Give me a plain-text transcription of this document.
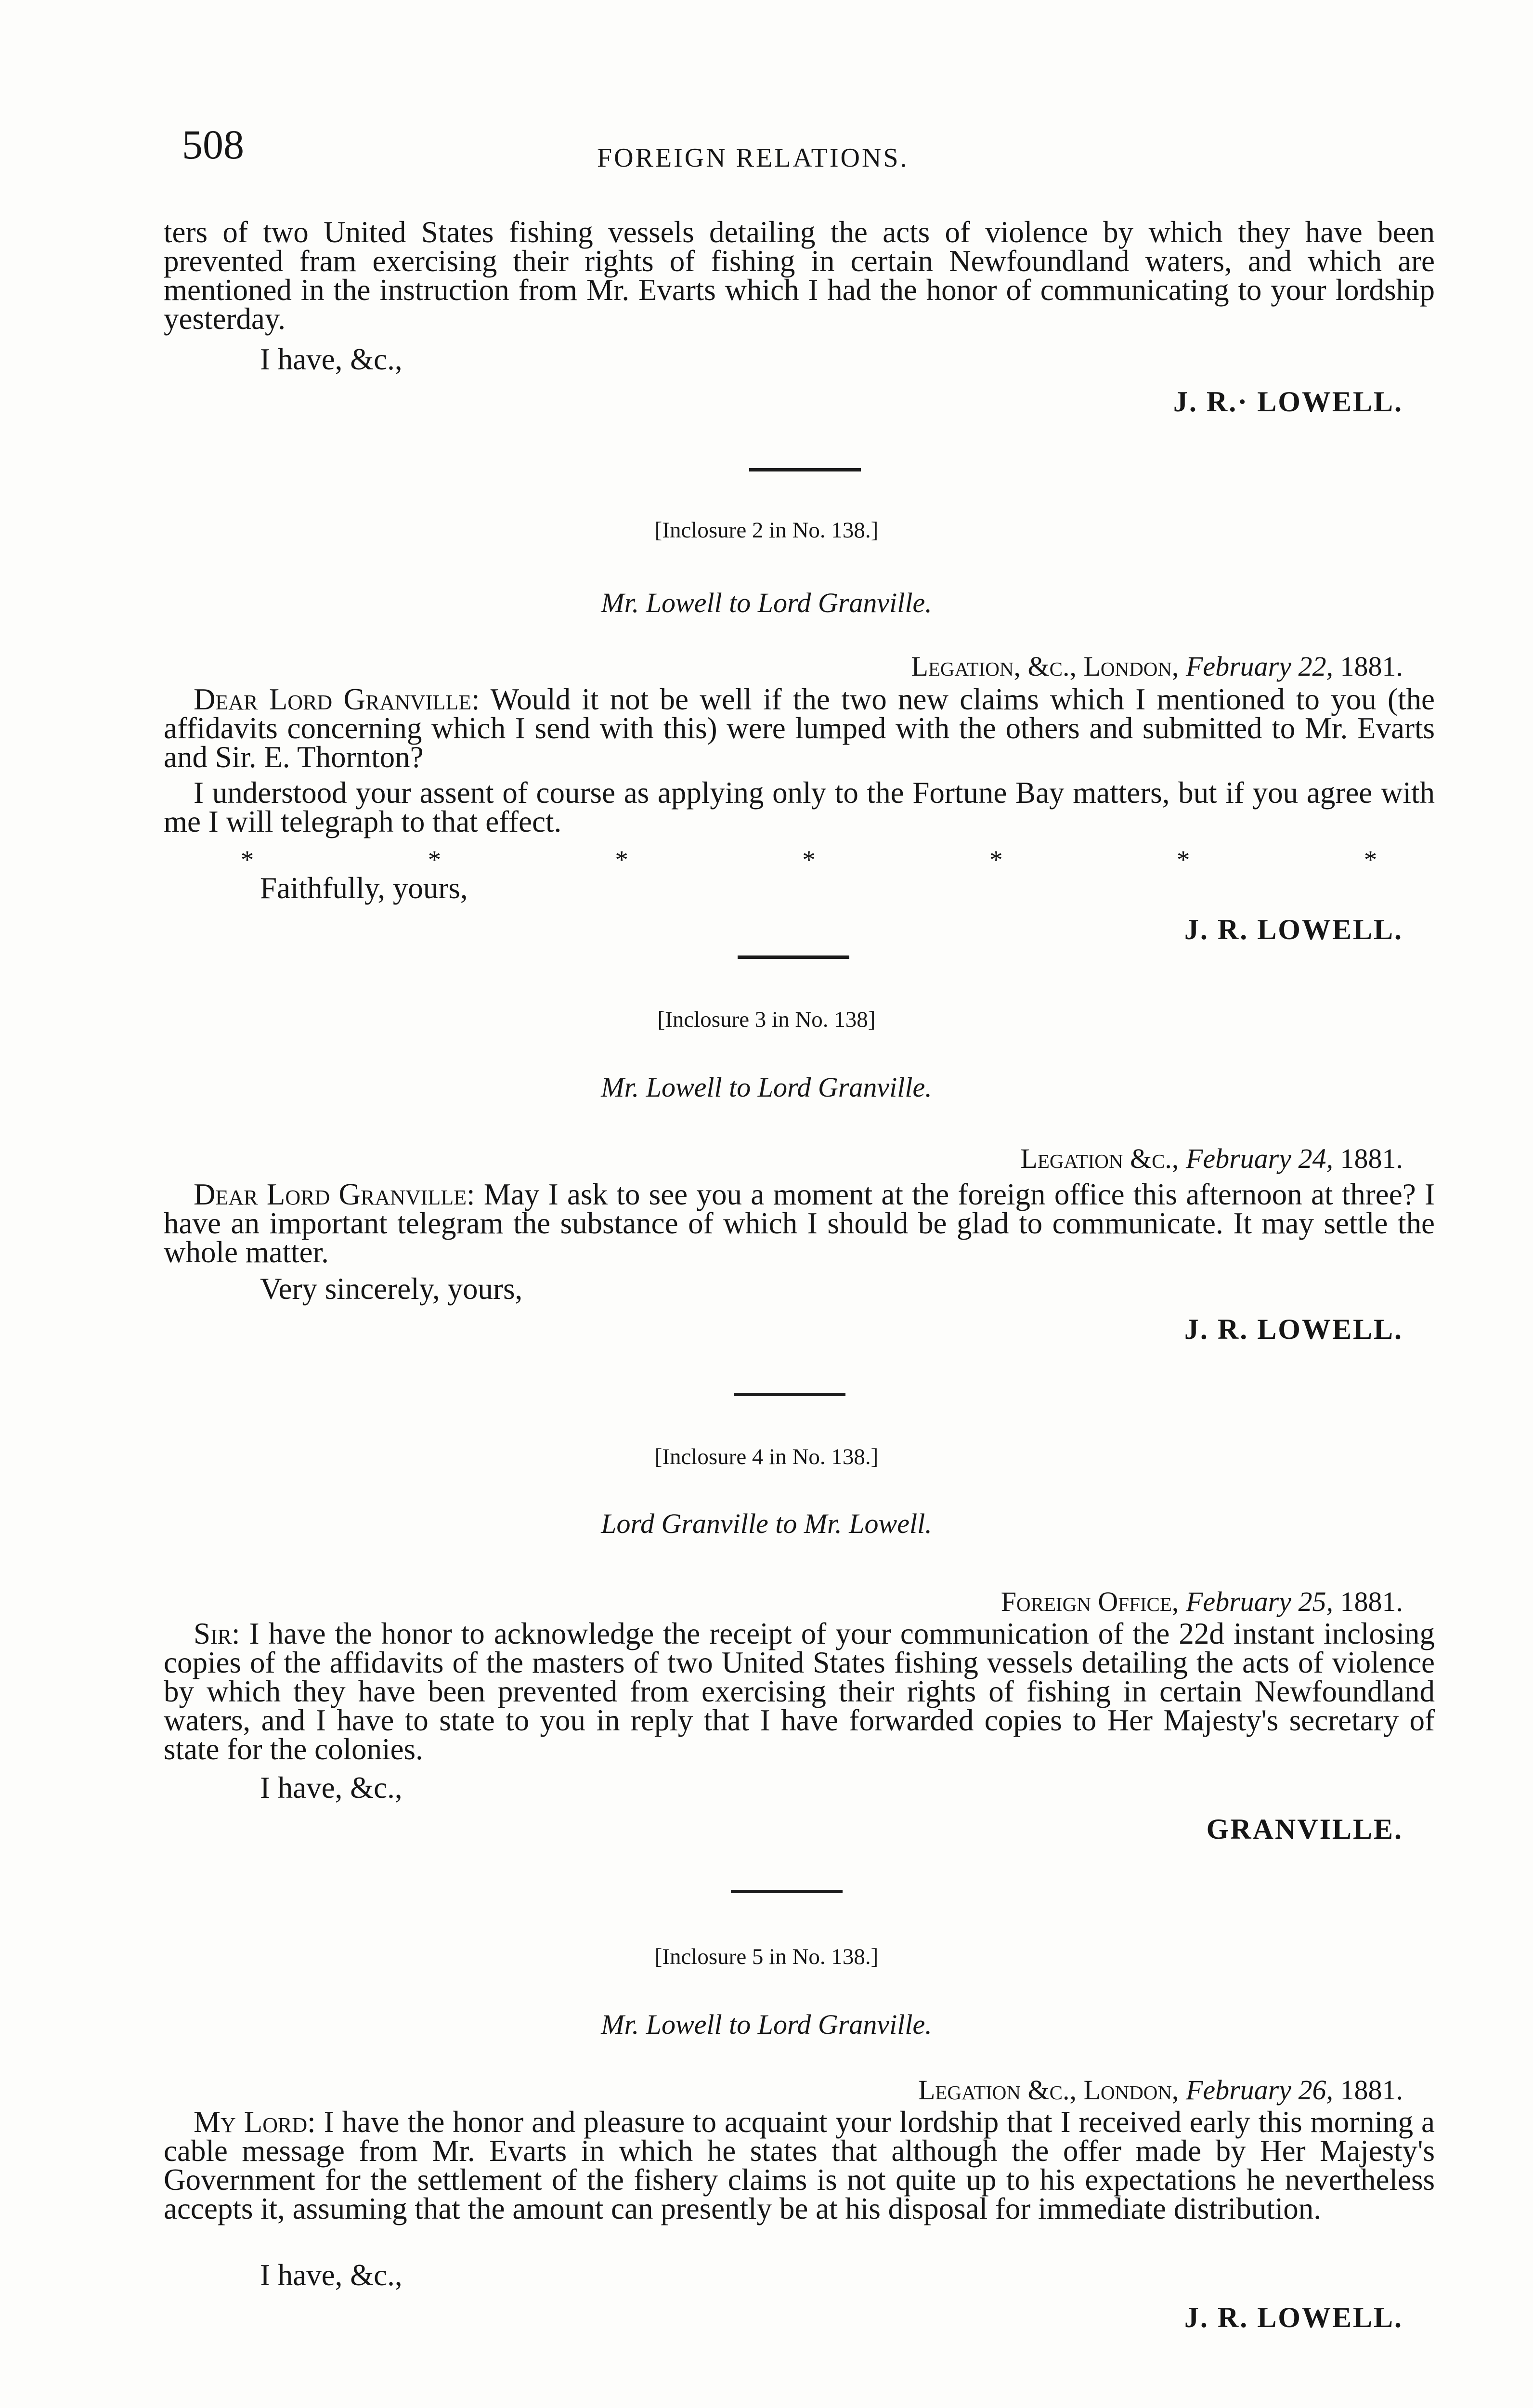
508	FOREIGN RELATIONS.
ters of two United States fishing vessels detailing the acts of violence by which they have been prevented fram exercising their rights of fishing in certain Newfoundland waters, and which are mentioned in the instruction from Mr. Evarts which I had the honor of communicating to your lordship yesterday.
I have, &c.,
J. R.· LOWELL.
[Inclosure 2 in No. 138.]
Mr. Lowell to Lord Granville.
Legation, &c., London, February 22, 1881.
Dear Lord Granville: Would it not be well if the two new claims which I mentioned to you (the affidavits concerning which I send with this) were lumped with the others and submitted to Mr. Evarts and Sir. E. Thornton?
I understood your assent of course as applying only to the Fortune Bay matters, but if you agree with me I will telegraph to that effect.
*	*	*	*	*	*	*
Faithfully, yours,
J. R. LOWELL.
[Inclosure 3 in No. 138]
Mr. Lowell to Lord Granville.
Legation &c., February 24, 1881.
Dear Lord Granville: May I ask to see you a moment at the foreign office this afternoon at three? I have an important telegram the substance of which I should be glad to communicate. It may settle the whole matter.
Very sincerely, yours,
J. R. LOWELL.
[Inclosure 4 in No. 138.]
Lord Granville to Mr. Lowell.
Foreign Office, February 25, 1881.
Sir: I have the honor to acknowledge the receipt of your communication of the 22d instant inclosing copies of the affidavits of the masters of two United States fishing vessels detailing the acts of violence by which they have been prevented from exercising their rights of fishing in certain Newfoundland waters, and I have to state to you in reply that I have forwarded copies to Her Majesty's secretary of state for the colonies.
I have, &c.,
GRANVILLE.
[Inclosure 5 in No. 138.]
Mr. Lowell to Lord Granville.
Legation &c., London, February 26, 1881.
My Lord: I have the honor and pleasure to acquaint your lordship that I received early this morning a cable message from Mr. Evarts in which he states that although the offer made by Her Majesty's Government for the settlement of the fishery claims is not quite up to his expectations he nevertheless accepts it, assuming that the amount can presently be at his disposal for immediate distribution.
I have, &c.,
J. R. LOWELL.
